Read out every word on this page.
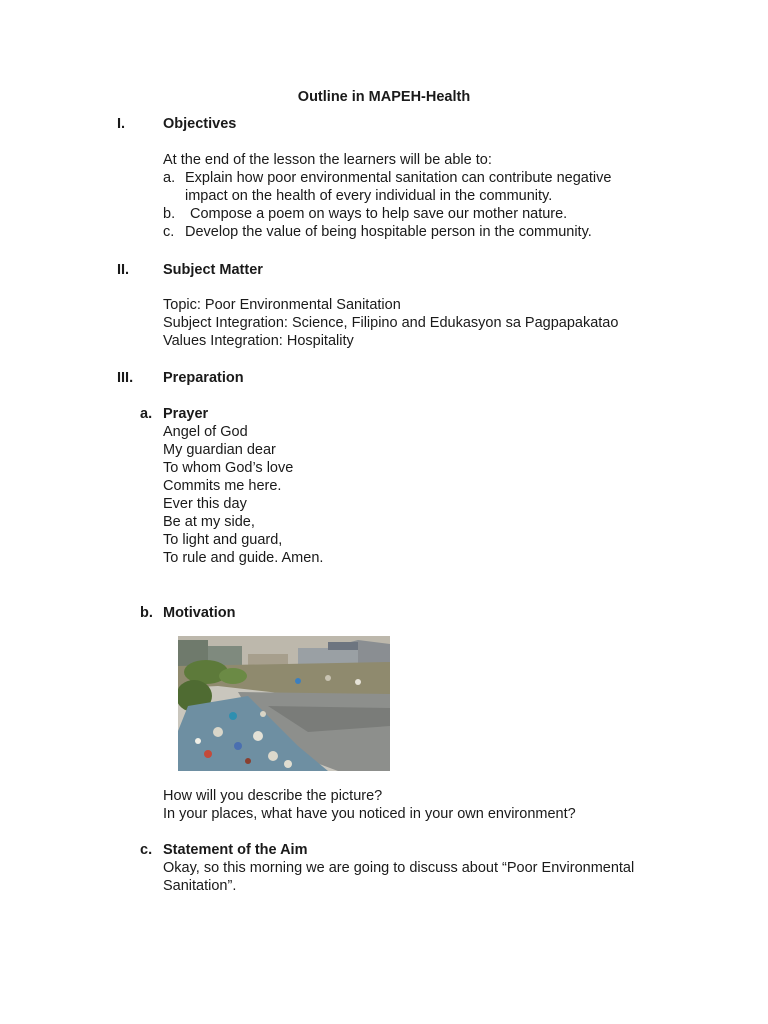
Outline in MAPEH-Health
I.	Objectives
At the end of the lesson the learners will be able to:
a. Explain how poor environmental sanitation can contribute negative
impact on the health of every individual in the community.
b. Compose a poem on ways to help save our mother nature.
c. Develop the value of being hospitable person in the community.
II. Subject Matter
Topic: Poor Environmental Sanitation
Subject Integration: Science, Filipino and Edukasyon sa Pagpapakatao
Values Integration: Hospitality
III. Preparation
a. Prayer
Angel of God
My guardian dear
To whom God’s love
Commits me here.
Ever this day
Be at my side,
To light and guard,
To rule and guide. Amen.
b. Motivation
How will you describe the picture?
In your places, what have you noticed in your own environment?
c. Statement of the Aim
Okay, so this morning we are going to discuss about “Poor Environmental
Sanitation”.
